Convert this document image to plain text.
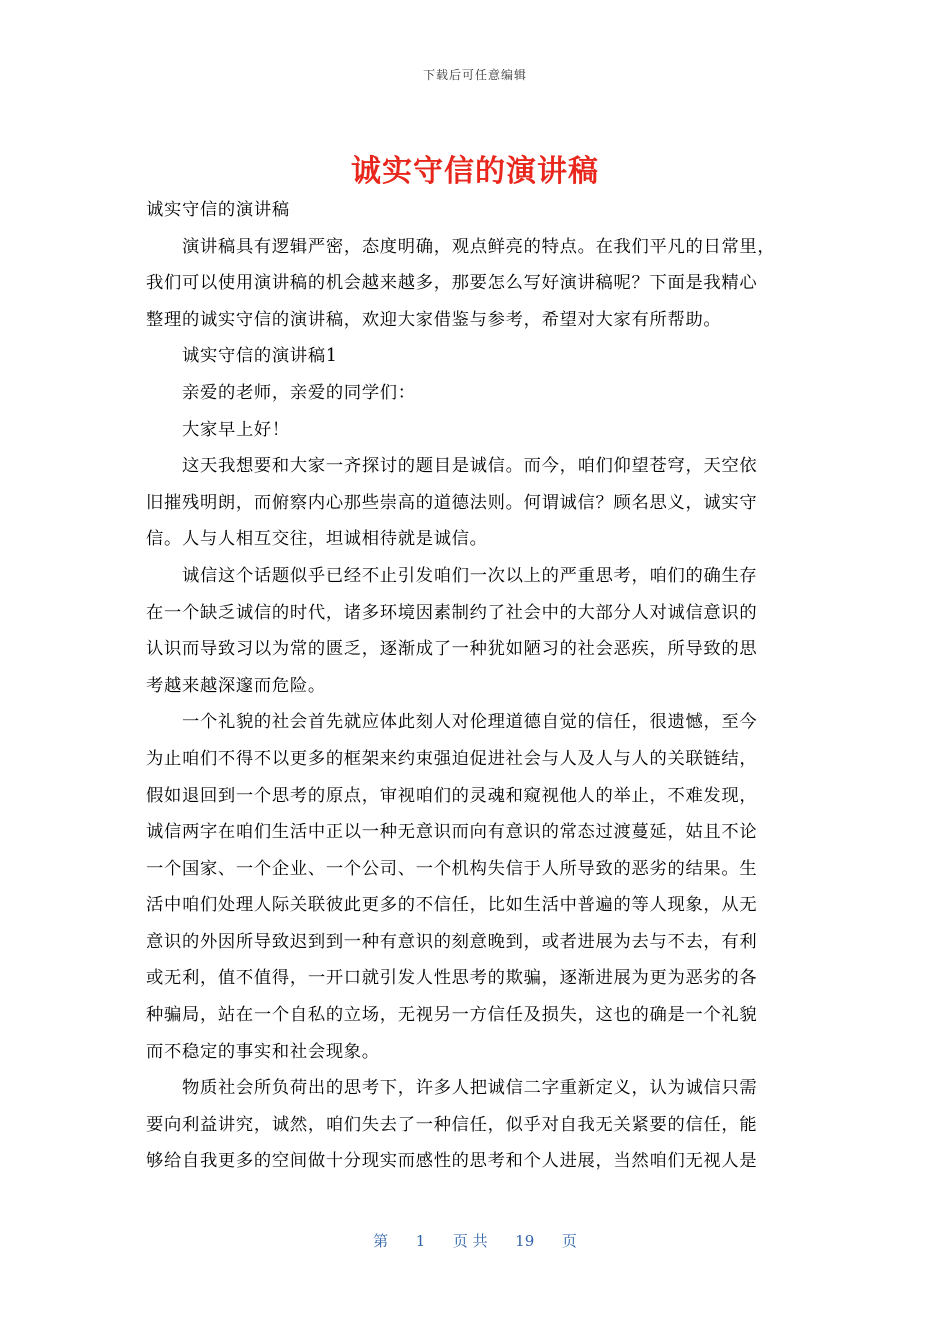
下载后可任意编辑
诚实守信的演讲稿
诚实守信的演讲稿
演讲稿具有逻辑严密，态度明确，观点鲜亮的特点。在我们平凡的日常里，
我们可以使用演讲稿的机会越来越多，那要怎么写好演讲稿呢？下面是我精心
整理的诚实守信的演讲稿，欢迎大家借鉴与参考，希望对大家有所帮助。
诚实守信的演讲稿1
亲爱的老师，亲爱的同学们：
大家早上好！
这天我想要和大家一齐探讨的题目是诚信。而今，咱们仰望苍穹，天空依
旧摧残明朗，而俯察内心那些崇高的道德法则。何谓诚信？顾名思义，诚实守
信。人与人相互交往，坦诚相待就是诚信。
诚信这个话题似乎已经不止引发咱们一次以上的严重思考，咱们的确生存
在一个缺乏诚信的时代，诸多环境因素制约了社会中的大部分人对诚信意识的
认识而导致习以为常的匮乏，逐渐成了一种犹如陋习的社会恶疾，所导致的思
考越来越深邃而危险。
一个礼貌的社会首先就应体此刻人对伦理道德自觉的信任，很遗憾，至今
为止咱们不得不以更多的框架来约束强迫促进社会与人及人与人的关联链结，
假如退回到一个思考的原点，审视咱们的灵魂和窥视他人的举止，不难发现，
诚信两字在咱们生活中正以一种无意识而向有意识的常态过渡蔓延，姑且不论
一个国家、一个企业、一个公司、一个机构失信于人所导致的恶劣的结果。生
活中咱们处理人际关联彼此更多的不信任，比如生活中普遍的等人现象，从无
意识的外因所导致迟到到一种有意识的刻意晚到，或者进展为去与不去，有利
或无利，值不值得，一开口就引发人性思考的欺骗，逐渐进展为更为恶劣的各
种骗局，站在一个自私的立场，无视另一方信任及损失，这也的确是一个礼貌
而不稳定的事实和社会现象。
物质社会所负荷出的思考下，许多人把诚信二字重新定义，认为诚信只需
要向利益讲究，诚然，咱们失去了一种信任，似乎对自我无关紧要的信任，能
够给自我更多的空间做十分现实而感性的思考和个人进展，当然咱们无视人是
第 1 页 共 19 页
